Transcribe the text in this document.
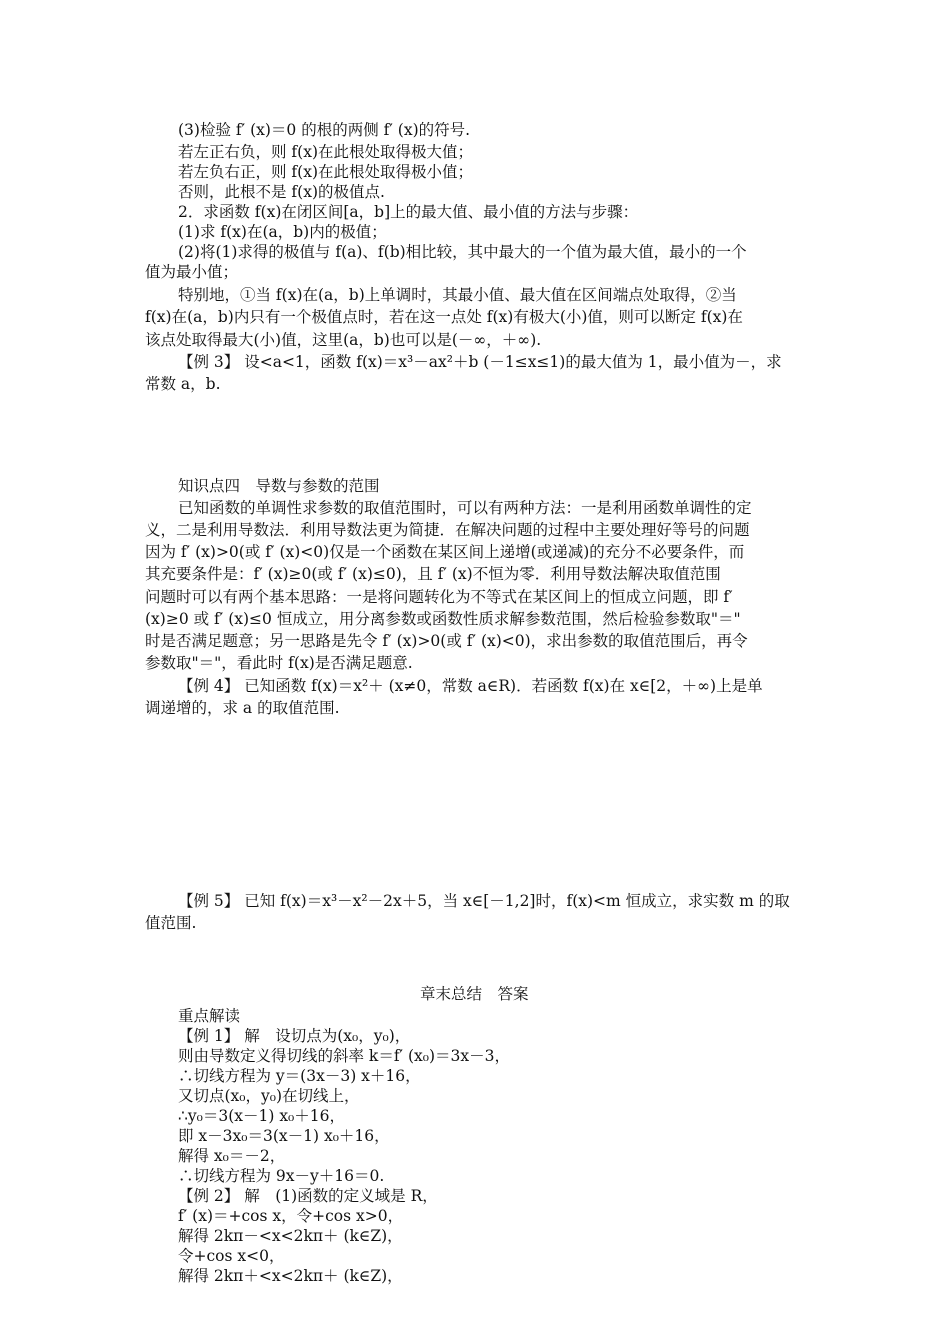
(3)检验 f′ (x)＝0 的根的两侧 f′ (x)的符号.
若左正右负，则 f(x)在此根处取得极大值；
若左负右正，则 f(x)在此根处取得极小值；
否则，此根不是 f(x)的极值点.
2．求函数 f(x)在闭区间[a，b]上的最大值、最小值的方法与步骤：
(1)求 f(x)在(a，b)内的极值；
(2)将(1)求得的极值与 f(a)、f(b)相比较，其中最大的一个值为最大值，最小的一个
值为最小值；
特别地，①当 f(x)在(a，b)上单调时，其最小值、最大值在区间端点处取得，②当
f(x)在(a，b)内只有一个极值点时，若在这一点处 f(x)有极大(小)值，则可以断定 f(x)在
该点处取得最大(小)值，这里(a，b)也可以是(－∞，＋∞).
【例 3】 设<a<1，函数 f(x)＝x³－ax²＋b (－1≤x≤1)的最大值为 1，最小值为－，求
常数 a，b.
知识点四　导数与参数的范围
已知函数的单调性求参数的取值范围时，可以有两种方法：一是利用函数单调性的定
义，二是利用导数法．利用导数法更为简捷．在解决问题的过程中主要处理好等号的问题
因为 f′ (x)>0(或 f′ (x)<0)仅是一个函数在某区间上递增(或递减)的充分不必要条件，而
其充要条件是：f′ (x)≥0(或 f′ (x)≤0)，且 f′ (x)不恒为零．利用导数法解决取值范围
问题时可以有两个基本思路：一是将问题转化为不等式在某区间上的恒成立问题，即 f′
(x)≥0 或 f′ (x)≤0 恒成立，用分离参数或函数性质求解参数范围，然后检验参数取"＝"
时是否满足题意；另一思路是先令 f′ (x)>0(或 f′ (x)<0)，求出参数的取值范围后，再令
参数取"＝"，看此时 f(x)是否满足题意.
【例 4】 已知函数 f(x)＝x²＋ (x≠0，常数 a∈R)．若函数 f(x)在 x∈[2，＋∞)上是单
调递增的，求 a 的取值范围.
【例 5】 已知 f(x)＝x³－x²－2x＋5，当 x∈[－1,2]时，f(x)<m 恒成立，求实数 m 的取
值范围.
章末总结　答案
重点解读
【例 1】 解　设切点为(x₀，y₀)，
则由导数定义得切线的斜率 k＝f′ (x₀)＝3x－3，
∴切线方程为 y＝(3x－3) x＋16，
又切点(x₀，y₀)在切线上，
∴y₀＝3(x－1) x₀＋16，
即 x－3x₀＝3(x－1) x₀＋16，
解得 x₀＝－2，
∴切线方程为 9x－y＋16＝0.
【例 2】 解　(1)函数的定义域是 R，
f′ (x)＝+cos x，令+cos x>0，
解得 2kπ－<x<2kπ＋ (k∈Z)，
令+cos x<0，
解得 2kπ＋<x<2kπ＋ (k∈Z)，
